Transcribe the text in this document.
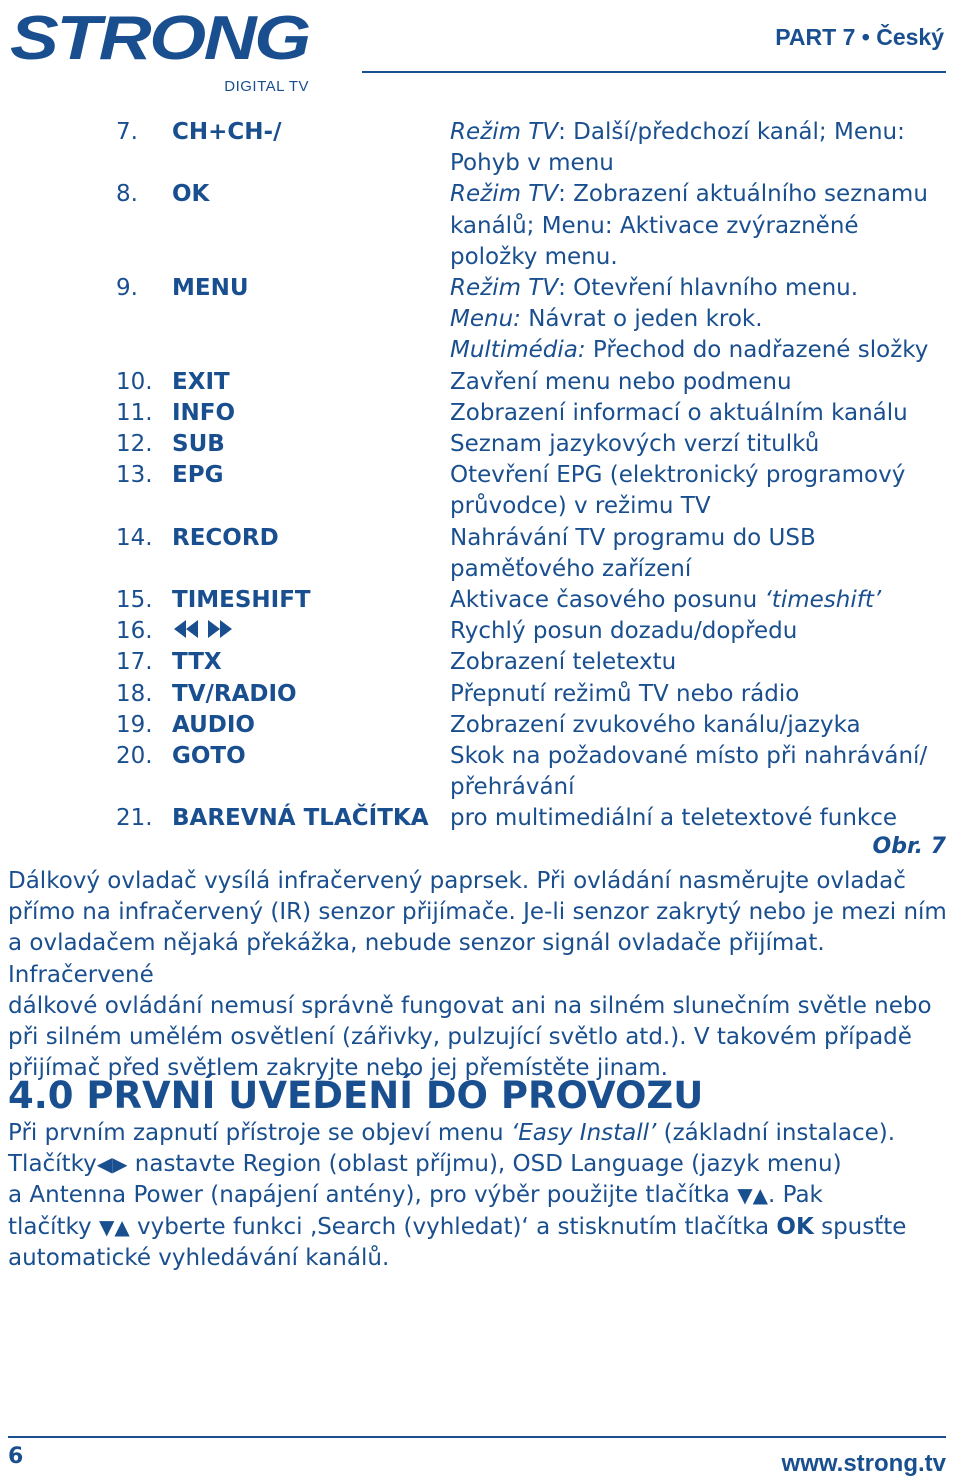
STRONG
DIGITAL TV
PART 7 • Český
7.	CH+CH-/	Režim TV: Další/předchozí kanál; Menu:
Pohyb v menu
8.	OK	Režim TV: Zobrazení aktuálního seznamu
kanálů; Menu: Aktivace zvýrazněné
položky menu.
9.	MENU	Režim TV: Otevření hlavního menu.
Menu: Návrat o jeden krok.
Multimédia: Přechod do nadřazené složky
10. EXIT	Zavření menu nebo podmenu
11. INFO	Zobrazení informací o aktuálním kanálu
12. SUB	Seznam jazykových verzí titulků
13. EPG	Otevření EPG (elektronický programový
průvodce) v režimu TV
14. RECORD	Nahrávání TV programu do USB
paměťového zařízení
15. TIMESHIFT	Aktivace časového posunu ‘timeshift’
16.	Rychlý posun dozadu/dopředu
17. TTX	Zobrazení teletextu
18. TV/RADIO	Přepnutí režimů TV nebo rádio
19. AUDIO	Zobrazení zvukového kanálu/jazyka
20. GOTO	Skok na požadované místo při nahrávání/
přehrávání
21. BAREVNÁ TLAČÍTKA pro multimediální a teletextové funkce
Obr. 7

Dálkový ovladač vysílá infračervený paprsek. Při ovládání nasměrujte ovladač
přímo na infračervený (IR) senzor přijímače. Je-li senzor zakrytý nebo je mezi ním
a ovladačem nějaká překážka, nebude senzor signál ovladače přijímat. Infračervené
dálkové ovládání nemusí správně fungovat ani na silném slunečním světle nebo
při silném umělém osvětlení (zářivky, pulzující světlo atd.). V takovém případě
přijímač před světlem zakryjte nebo jej přemístěte jinam.

4.0 PRVNÍ UVEDENÍ DO PROVOZU

Při prvním zapnutí přístroje se objeví menu ‘Easy Install’ (základní instalace).
Tlačítky◀▶ nastavte Region (oblast příjmu), OSD Language (jazyk menu)
a Antenna Power (napájení antény), pro výběr použijte tlačítka ▼▲. Pak
tlačítky ▼▲ vyberte funkci ‚Search (vyhledat)‘ a stisknutím tlačítka OK spusťte
automatické vyhledávání kanálů.

6	www.strong.tv
